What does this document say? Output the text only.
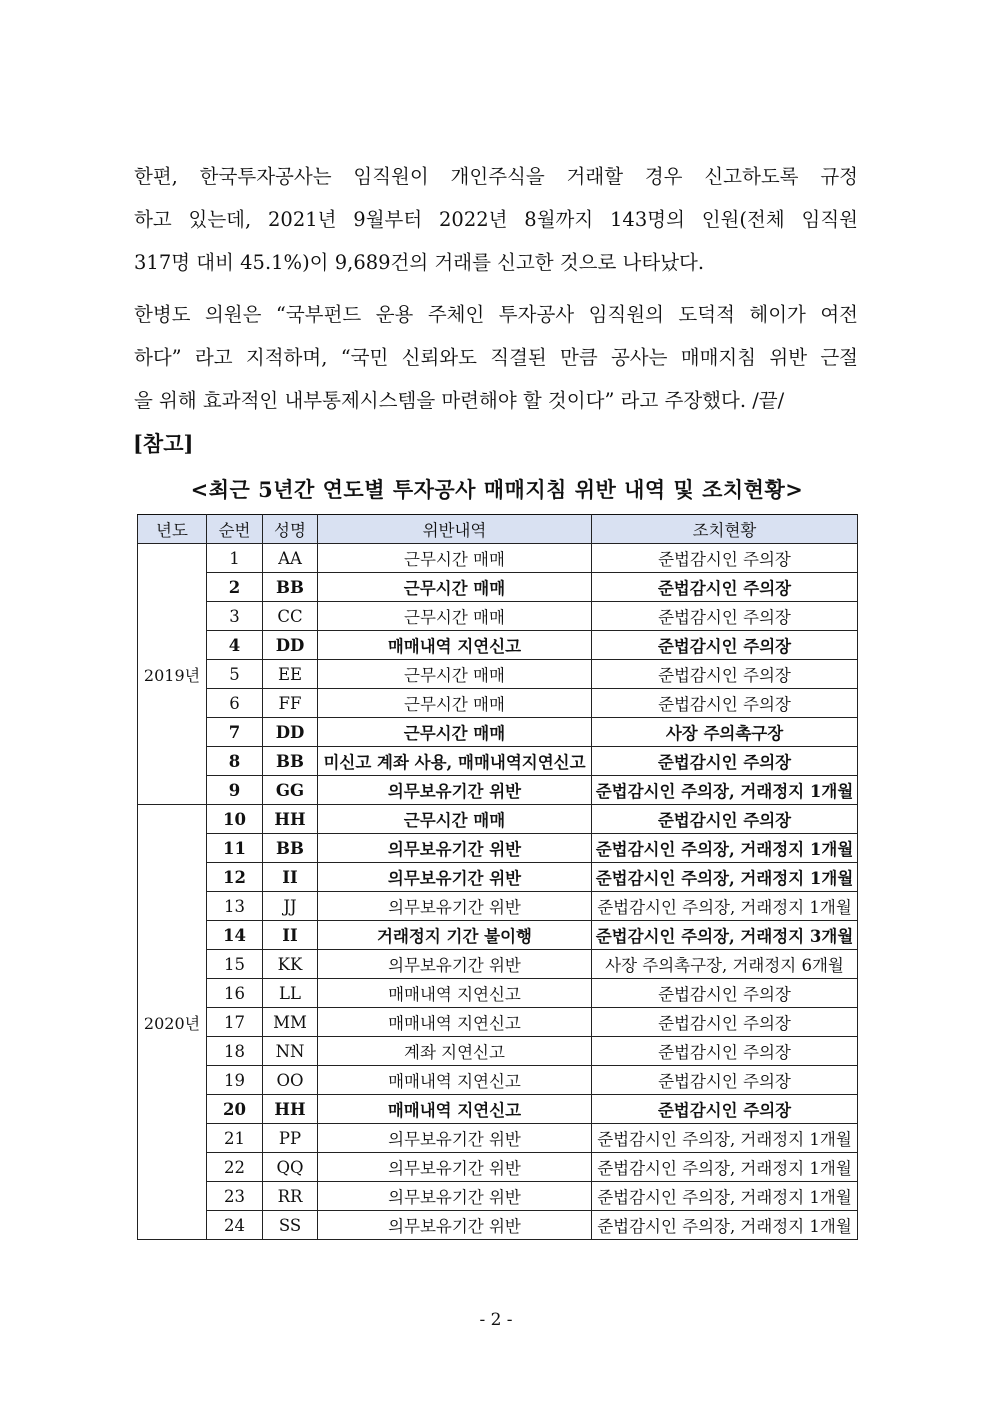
한편, 한국투자공사는 임직원이 개인주식을 거래할 경우 신고하도록 규정
하고 있는데, 2021년 9월부터 2022년 8월까지 143명의 인원(전체 임직원
317명 대비 45.1%)이 9,689건의 거래를 신고한 것으로 나타났다.

한병도 의원은 “국부펀드 운용 주체인 투자공사 임직원의 도덕적 헤이가 여전
하다” 라고 지적하며, “국민 신뢰와도 직결된 만큼 공사는 매매지침 위반 근절
을 위해 효과적인 내부통제시스템을 마련해야 할 것이다” 라고 주장했다. /끝/

[참고]

<최근 5년간 연도별 투자공사 매매지침 위반 내역 및 조치현황>

년도	순번	성명	위반내역	조치현황
2019년	1	AA	근무시간 매매	준법감시인 주의장
	2	BB	근무시간 매매	준법감시인 주의장
	3	CC	근무시간 매매	준법감시인 주의장
	4	DD	매매내역 지연신고	준법감시인 주의장
	5	EE	근무시간 매매	준법감시인 주의장
	6	FF	근무시간 매매	준법감시인 주의장
	7	DD	근무시간 매매	사장 주의촉구장
	8	BB	미신고 계좌 사용, 매매내역지연신고	준법감시인 주의장
	9	GG	의무보유기간 위반	준법감시인 주의장, 거래정지 1개월
2020년	10	HH	근무시간 매매	준법감시인 주의장
	11	BB	의무보유기간 위반	준법감시인 주의장, 거래정지 1개월
	12	II	의무보유기간 위반	준법감시인 주의장, 거래정지 1개월
	13	JJ	의무보유기간 위반	준법감시인 주의장, 거래정지 1개월
	14	II	거래정지 기간 불이행	준법감시인 주의장, 거래정지 3개월
	15	KK	의무보유기간 위반	사장 주의촉구장, 거래정지 6개월
	16	LL	매매내역 지연신고	준법감시인 주의장
	17	MM	매매내역 지연신고	준법감시인 주의장
	18	NN	계좌 지연신고	준법감시인 주의장
	19	OO	매매내역 지연신고	준법감시인 주의장
	20	HH	매매내역 지연신고	준법감시인 주의장
	21	PP	의무보유기간 위반	준법감시인 주의장, 거래정지 1개월
	22	QQ	의무보유기간 위반	준법감시인 주의장, 거래정지 1개월
	23	RR	의무보유기간 위반	준법감시인 주의장, 거래정지 1개월
	24	SS	의무보유기간 위반	준법감시인 주의장, 거래정지 1개월

- 2 -
